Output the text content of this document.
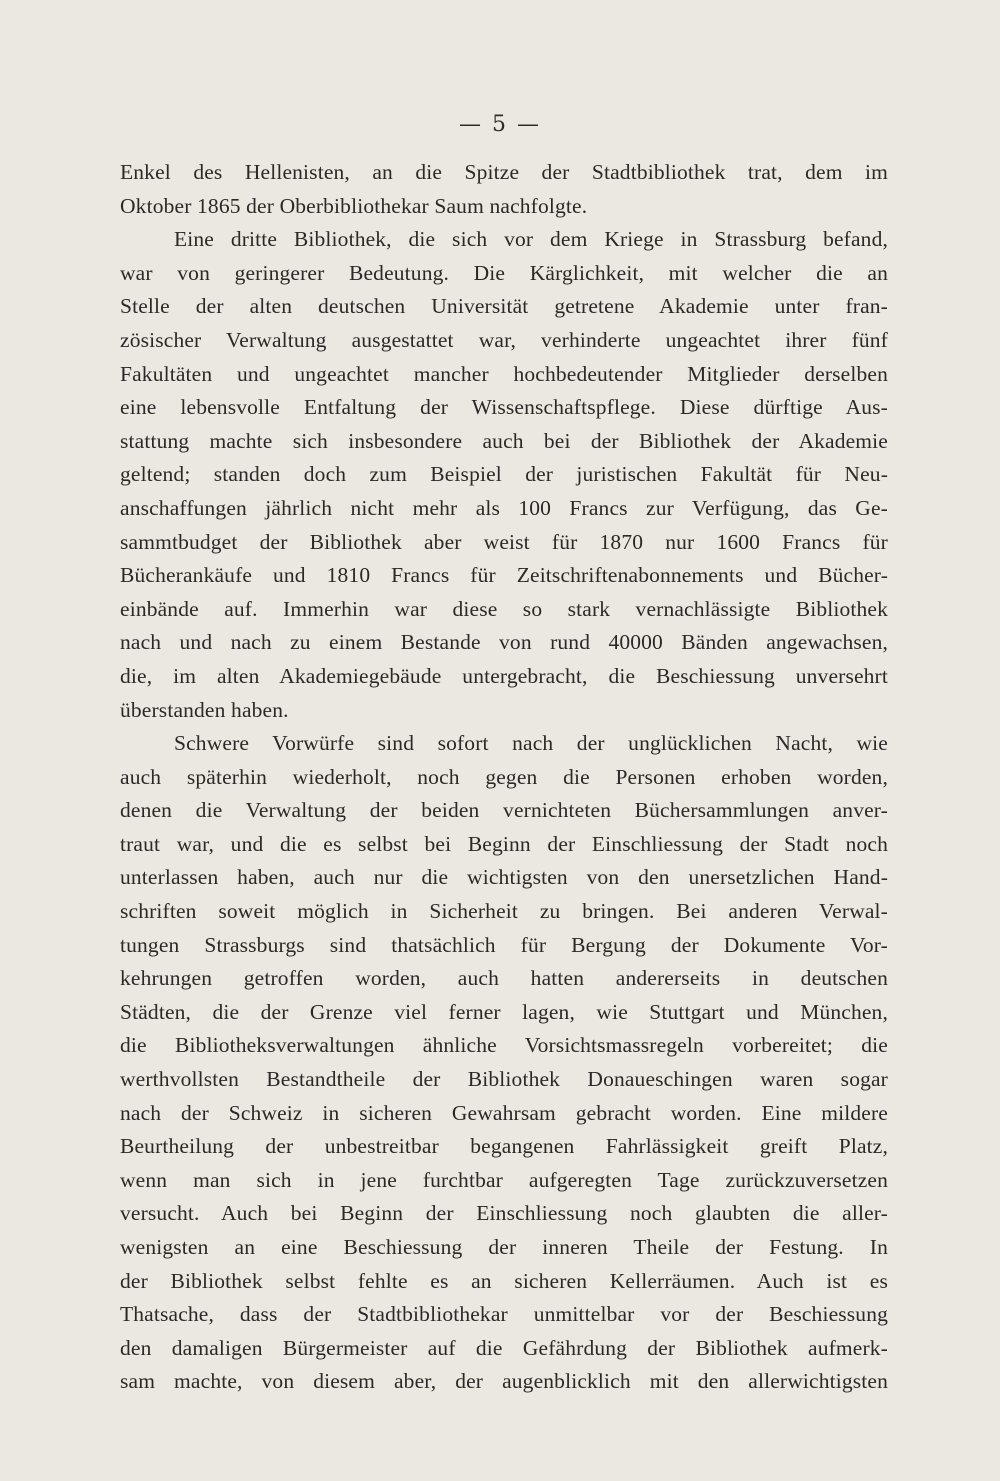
— 5 —
Enkel des Hellenisten, an die Spitze der Stadtbibliothek trat, dem im
Oktober 1865 der Oberbibliothekar Saum nachfolgte.
Eine dritte Bibliothek, die sich vor dem Kriege in Strassburg befand,
war von geringerer Bedeutung. Die Kärglichkeit, mit welcher die an
Stelle der alten deutschen Universität getretene Akademie unter fran-
zösischer Verwaltung ausgestattet war, verhinderte ungeachtet ihrer fünf
Fakultäten und ungeachtet mancher hochbedeutender Mitglieder derselben
eine lebensvolle Entfaltung der Wissenschaftspflege. Diese dürftige Aus-
stattung machte sich insbesondere auch bei der Bibliothek der Akademie
geltend; standen doch zum Beispiel der juristischen Fakultät für Neu-
anschaffungen jährlich nicht mehr als 100 Francs zur Verfügung, das Ge-
sammtbudget der Bibliothek aber weist für 1870 nur 1600 Francs für
Bücherankäufe und 1810 Francs für Zeitschriftenabonnements und Bücher-
einbände auf. Immerhin war diese so stark vernachlässigte Bibliothek
nach und nach zu einem Bestande von rund 40000 Bänden angewachsen,
die, im alten Akademiegebäude untergebracht, die Beschiessung unversehrt
überstanden haben.
Schwere Vorwürfe sind sofort nach der unglücklichen Nacht, wie
auch späterhin wiederholt, noch gegen die Personen erhoben worden,
denen die Verwaltung der beiden vernichteten Büchersammlungen anver-
traut war, und die es selbst bei Beginn der Einschliessung der Stadt noch
unterlassen haben, auch nur die wichtigsten von den unersetzlichen Hand-
schriften soweit möglich in Sicherheit zu bringen. Bei anderen Verwal-
tungen Strassburgs sind thatsächlich für Bergung der Dokumente Vor-
kehrungen getroffen worden, auch hatten andererseits in deutschen
Städten, die der Grenze viel ferner lagen, wie Stuttgart und München,
die Bibliotheksverwaltungen ähnliche Vorsichtsmassregeln vorbereitet; die
werthvollsten Bestandtheile der Bibliothek Donaueschingen waren sogar
nach der Schweiz in sicheren Gewahrsam gebracht worden. Eine mildere
Beurtheilung der unbestreitbar begangenen Fahrlässigkeit greift Platz,
wenn man sich in jene furchtbar aufgeregten Tage zurückzuversetzen
versucht. Auch bei Beginn der Einschliessung noch glaubten die aller-
wenigsten an eine Beschiessung der inneren Theile der Festung. In
der Bibliothek selbst fehlte es an sicheren Kellerräumen. Auch ist es
Thatsache, dass der Stadtbibliothekar unmittelbar vor der Beschiessung
den damaligen Bürgermeister auf die Gefährdung der Bibliothek aufmerk-
sam machte, von diesem aber, der augenblicklich mit den allerwichtigsten
